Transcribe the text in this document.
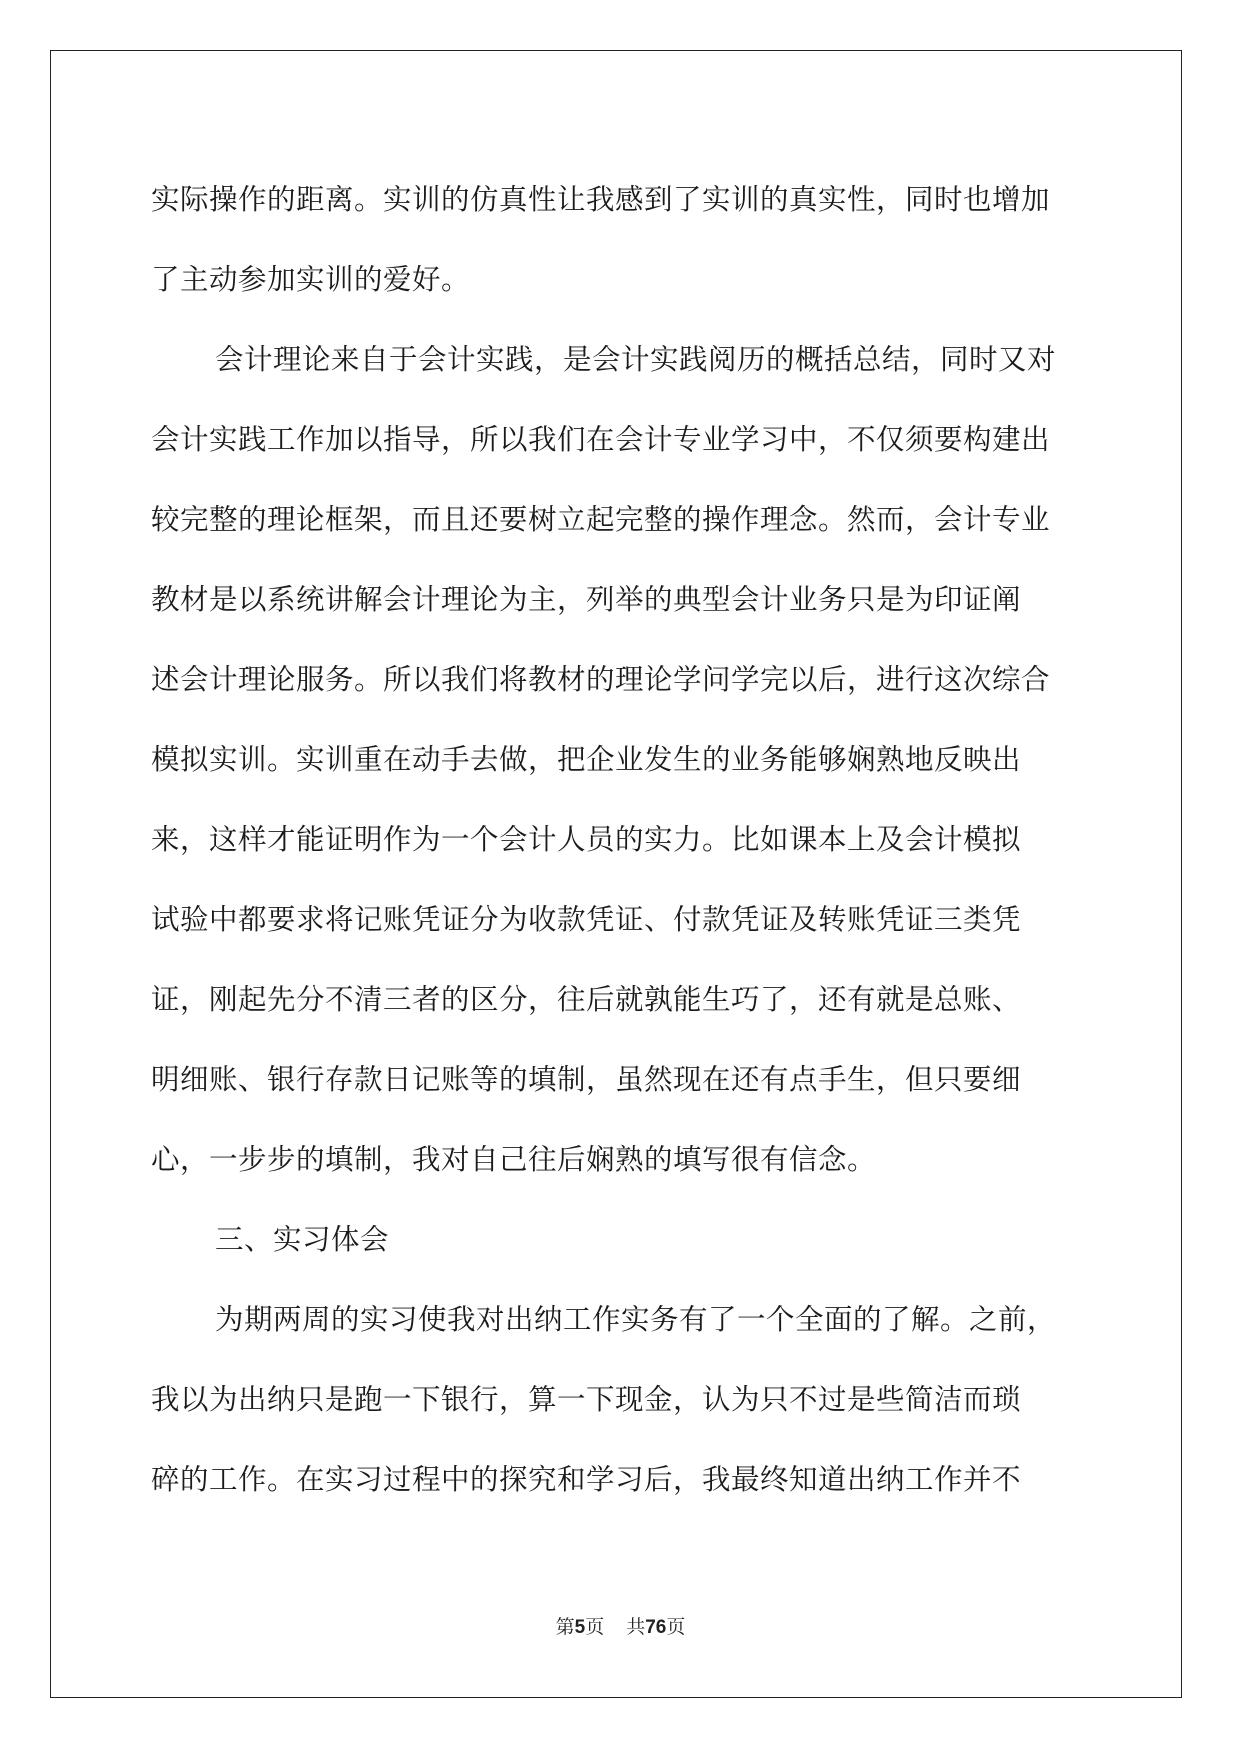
实际操作的距离。实训的仿真性让我感到了实训的真实性，同时也增加
了主动参加实训的爱好。
会计理论来自于会计实践，是会计实践阅历的概括总结，同时又对
会计实践工作加以指导，所以我们在会计专业学习中，不仅须要构建出
较完整的理论框架，而且还要树立起完整的操作理念。然而，会计专业
教材是以系统讲解会计理论为主，列举的典型会计业务只是为印证阐
述会计理论服务。所以我们将教材的理论学问学完以后，进行这次综合
模拟实训。实训重在动手去做，把企业发生的业务能够娴熟地反映出
来，这样才能证明作为一个会计人员的实力。比如课本上及会计模拟
试验中都要求将记账凭证分为收款凭证、付款凭证及转账凭证三类凭
证，刚起先分不清三者的区分，往后就孰能生巧了，还有就是总账、
明细账、银行存款日记账等的填制，虽然现在还有点手生，但只要细
心，一步步的填制，我对自己往后娴熟的填写很有信念。
三、实习体会
为期两周的实习使我对出纳工作实务有了一个全面的了解。之前，
我以为出纳只是跑一下银行，算一下现金，认为只不过是些简洁而琐
碎的工作。在实习过程中的探究和学习后，我最终知道出纳工作并不
第5页 共76页
